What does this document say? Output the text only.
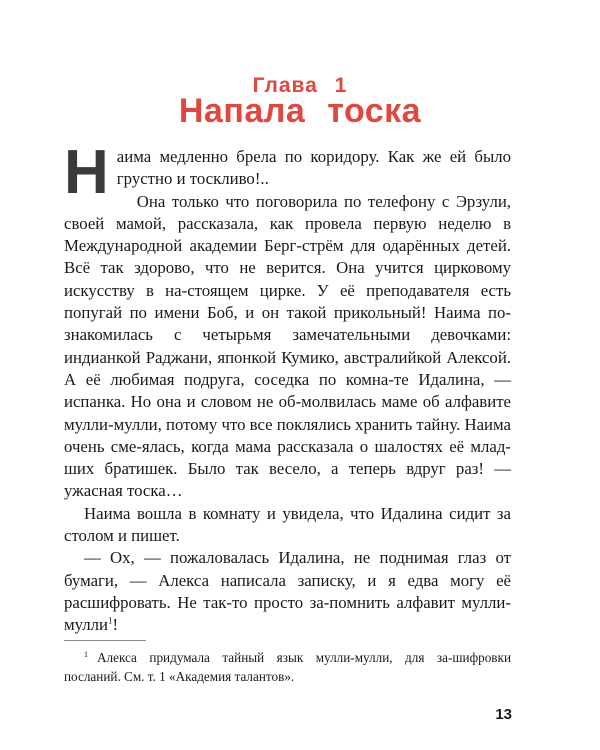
Глава 1
Напала тоска

Наима медленно брела по коридору. Как же ей было грустно и тоскливо!..

Она только что поговорила по телефону с Эрзули, своей мамой, рассказала, как провела первую неделю в Международной академии Берг-стрём для одарённых детей. Всё так здорово, что не верится. Она учится цирковому искусству в на-стоящем цирке. У её преподавателя есть попугай по имени Боб, и он такой прикольный! Наима по-знакомилась с четырьмя замечательными девочками: индианкой Раджани, японкой Кумико, австралийкой Алексой. А её любимая подруга, соседка по комна-те Идалина, — испанка. Но она и словом не об-молвилась маме об алфавите мулли-мулли, потому что все поклялись хранить тайну. Наима очень сме-ялась, когда мама рассказала о шалостях её млад-ших братишек. Было так весело, а теперь вдруг раз! — ужасная тоска…

Наима вошла в комнату и увидела, что Идалина сидит за столом и пишет.

— Ох, — пожаловалась Идалина, не поднимая глаз от бумаги, — Алекса написала записку, и я едва могу её расшифровать. Не так-то просто за-помнить алфавит мулли-мулли$^1$!

$^1$ Алекса придумала тайный язык мулли-мулли, для за-шифровки посланий. См. т. 1 «Академия талантов».
13
